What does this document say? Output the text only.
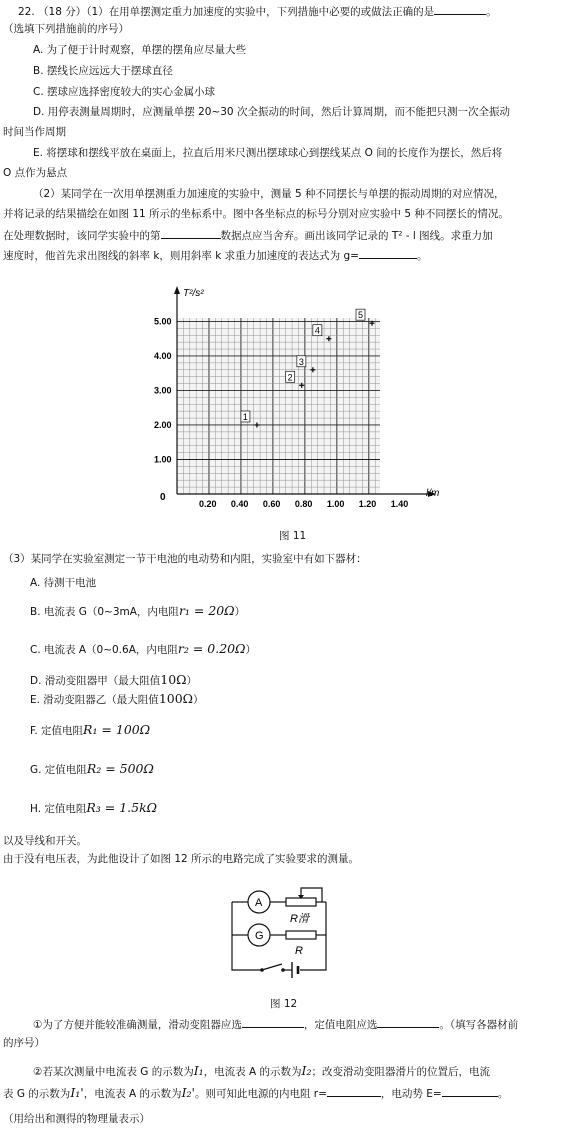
22. （18 分）（1）在用单摆测定重力加速度的实验中，下列措施中必要的或做法正确的是	。
（选填下列措施前的序号）
A. 为了便于计时观察，单摆的摆角应尽量大些
B. 摆线长应远远大于摆球直径
C. 摆球应选择密度较大的实心金属小球
D. 用停表测量周期时，应测量单摆 20~30 次全振动的时间，然后计算周期，而不能把只测一次全振动
时间当作周期
E. 将摆球和摆线平放在桌面上，拉直后用米尺测出摆球球心到摆线某点 O 间的长度作为摆长，然后将
O 点作为悬点
（2）某同学在一次用单摆测重力加速度的实验中，测量 5 种不同摆长与单摆的振动周期的对应情况，
并将记录的结果描绘在如图 11 所示的坐标系中。图中各坐标点的标号分别对应实验中 5 种不同摆长的情况。
在处理数据时，该同学实验中的第	数据点应当舍弃。画出该同学记录的 T² - l 图线。求重力加
速度时，他首先求出图线的斜率 k，则用斜率 k 求重力加速度的表达式为 g=	。
0.20 0.40 0.60 0.80 1.00 1.20 1.40
1.00
2.00
3.00
4.00
5.00
1
2
3
4
5
T²/s²
l/m
0
图 11
（3）某同学在实验室测定一节干电池的电动势和内阻，实验室中有如下器材：
A. 待测干电池
B. 电流表 G（0~3mA，内电阻r₁ = 20Ω）
C. 电流表 A（0~0.6A，内电阻r₂ = 0.20Ω）
D. 滑动变阻器甲（最大阻值10Ω）
E. 滑动变阻器乙（最大阻值100Ω）
F. 定值电阻R₁ = 100Ω
G. 定值电阻R₂ = 500Ω
H. 定值电阻R₃ = 1.5kΩ
以及导线和开关。
由于没有电压表，为此他设计了如图 12 所示的电路完成了实验要求的测量。
A
G
R滑
R
图 12
①为了方便并能较准确测量，滑动变阻器应选	，定值电阻应选	。（填写各器材前
的序号）
②若某次测量中电流表 G 的示数为I₁，电流表 A 的示数为I₂；改变滑动变阻器滑片的位置后，电流
表 G 的示数为I₁'，电流表 A 的示数为I₂'。则可知此电源的内电阻 r=	，电动势 E=	。
（用给出和测得的物理量表示）
